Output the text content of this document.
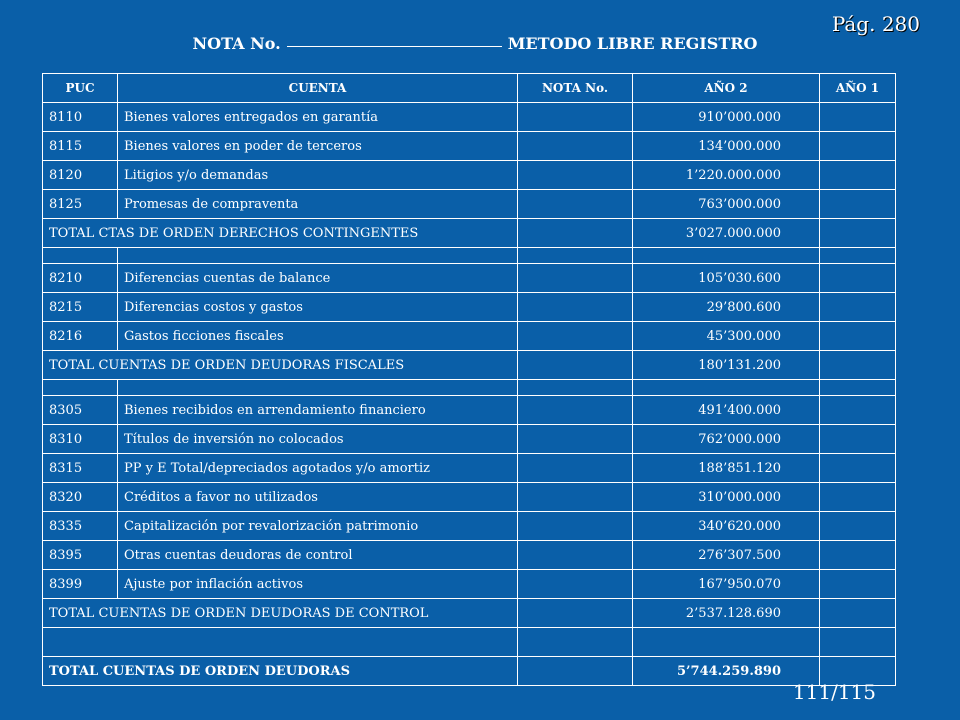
Pág. 280
NOTA No.	METODO LIBRE REGISTRO
PUC	CUENTA	NOTA No.	AÑO 2	AÑO 1
8110	Bienes valores entregados en garantía		910’000.000	
8115	Bienes valores en poder de terceros		134’000.000	
8120	Litigios y/o demandas		1’220.000.000	
8125	Promesas de compraventa		763’000.000	
TOTAL CTAS DE ORDEN DERECHOS CONTINGENTES			3’027.000.000	

8210	Diferencias cuentas de balance		105’030.600	
8215	Diferencias costos y gastos		29’800.600	
8216	Gastos ficciones fiscales		45’300.000	
TOTAL CUENTAS DE ORDEN DEUDORAS FISCALES			180’131.200	

8305	Bienes recibidos en arrendamiento financiero		491’400.000	
8310	Títulos de inversión no colocados		762’000.000	
8315	PP y E Total/depreciados agotados y/o amortiz		188’851.120	
8320	Créditos a favor no utilizados		310’000.000	
8335	Capitalización por revalorización patrimonio		340’620.000	
8395	Otras cuentas deudoras de control		276’307.500	
8399	Ajuste por inflación activos		167’950.070	
TOTAL CUENTAS DE ORDEN DEUDORAS DE CONTROL			2’537.128.690	

TOTAL CUENTAS DE ORDEN DEUDORAS			5’744.259.890	
111/115
